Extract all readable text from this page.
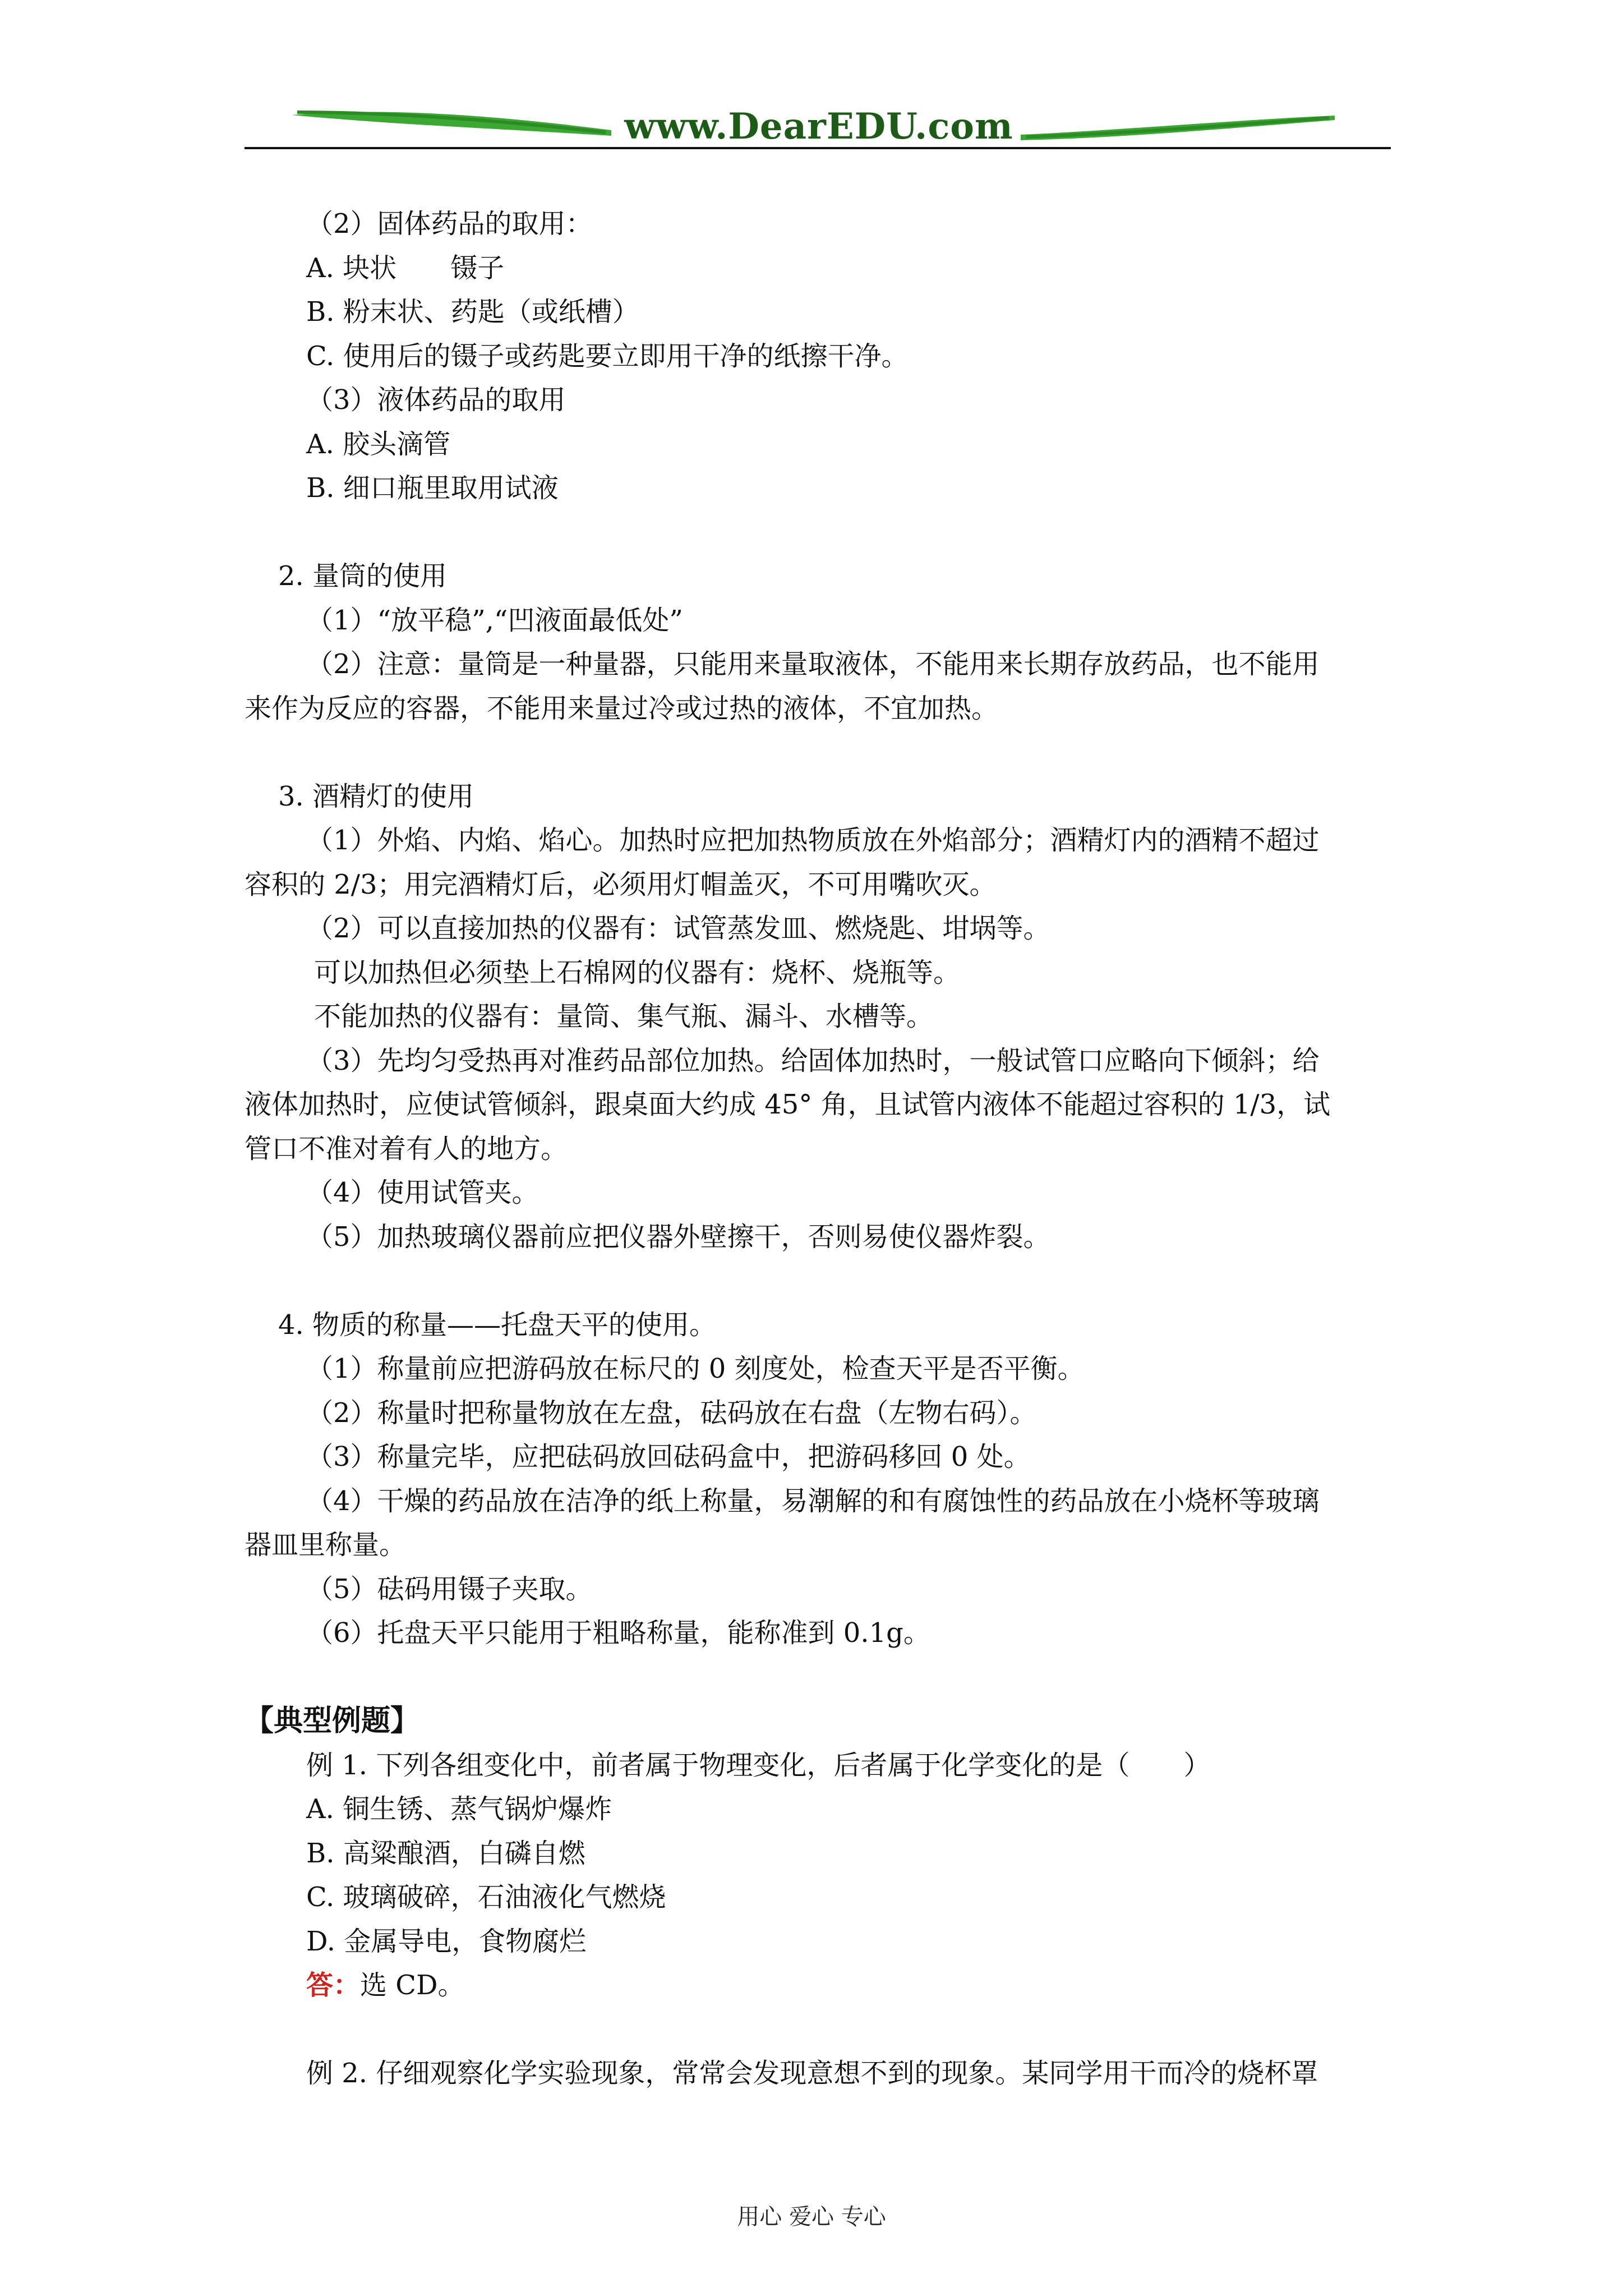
www.DearEDU.com
（2）固体药品的取用：
A. 块状　　镊子
B. 粉末状、药匙（或纸槽）
C. 使用后的镊子或药匙要立即用干净的纸擦干净。
（3）液体药品的取用
A. 胶头滴管
B. 细口瓶里取用试液
2. 量筒的使用
（1）“放平稳”,“凹液面最低处”
（2）注意：量筒是一种量器，只能用来量取液体，不能用来长期存放药品，也不能用
来作为反应的容器，不能用来量过冷或过热的液体，不宜加热。
3. 酒精灯的使用
（1）外焰、内焰、焰心。加热时应把加热物质放在外焰部分；酒精灯内的酒精不超过
容积的 2/3；用完酒精灯后，必须用灯帽盖灭，不可用嘴吹灭。
（2）可以直接加热的仪器有：试管蒸发皿、燃烧匙、坩埚等。
可以加热但必须垫上石棉网的仪器有：烧杯、烧瓶等。
不能加热的仪器有：量筒、集气瓶、漏斗、水槽等。
（3）先均匀受热再对准药品部位加热。给固体加热时，一般试管口应略向下倾斜；给
液体加热时，应使试管倾斜，跟桌面大约成 45° 角，且试管内液体不能超过容积的 1/3，试
管口不准对着有人的地方。
（4）使用试管夹。
（5）加热玻璃仪器前应把仪器外壁擦干，否则易使仪器炸裂。
4. 物质的称量——托盘天平的使用。
（1）称量前应把游码放在标尺的 0 刻度处，检查天平是否平衡。
（2）称量时把称量物放在左盘，砝码放在右盘（左物右码）。
（3）称量完毕，应把砝码放回砝码盒中，把游码移回 0 处。
（4）干燥的药品放在洁净的纸上称量，易潮解的和有腐蚀性的药品放在小烧杯等玻璃
器皿里称量。
（5）砝码用镊子夹取。
（6）托盘天平只能用于粗略称量，能称准到 0.1g。
【典型例题】
例 1. 下列各组变化中，前者属于物理变化，后者属于化学变化的是（　　）
A. 铜生锈、蒸气锅炉爆炸
B. 高粱酿酒，白磷自燃
C. 玻璃破碎，石油液化气燃烧
D. 金属导电，食物腐烂
答：选 CD。
例 2. 仔细观察化学实验现象，常常会发现意想不到的现象。某同学用干而冷的烧杯罩
用心 爱心 专心
